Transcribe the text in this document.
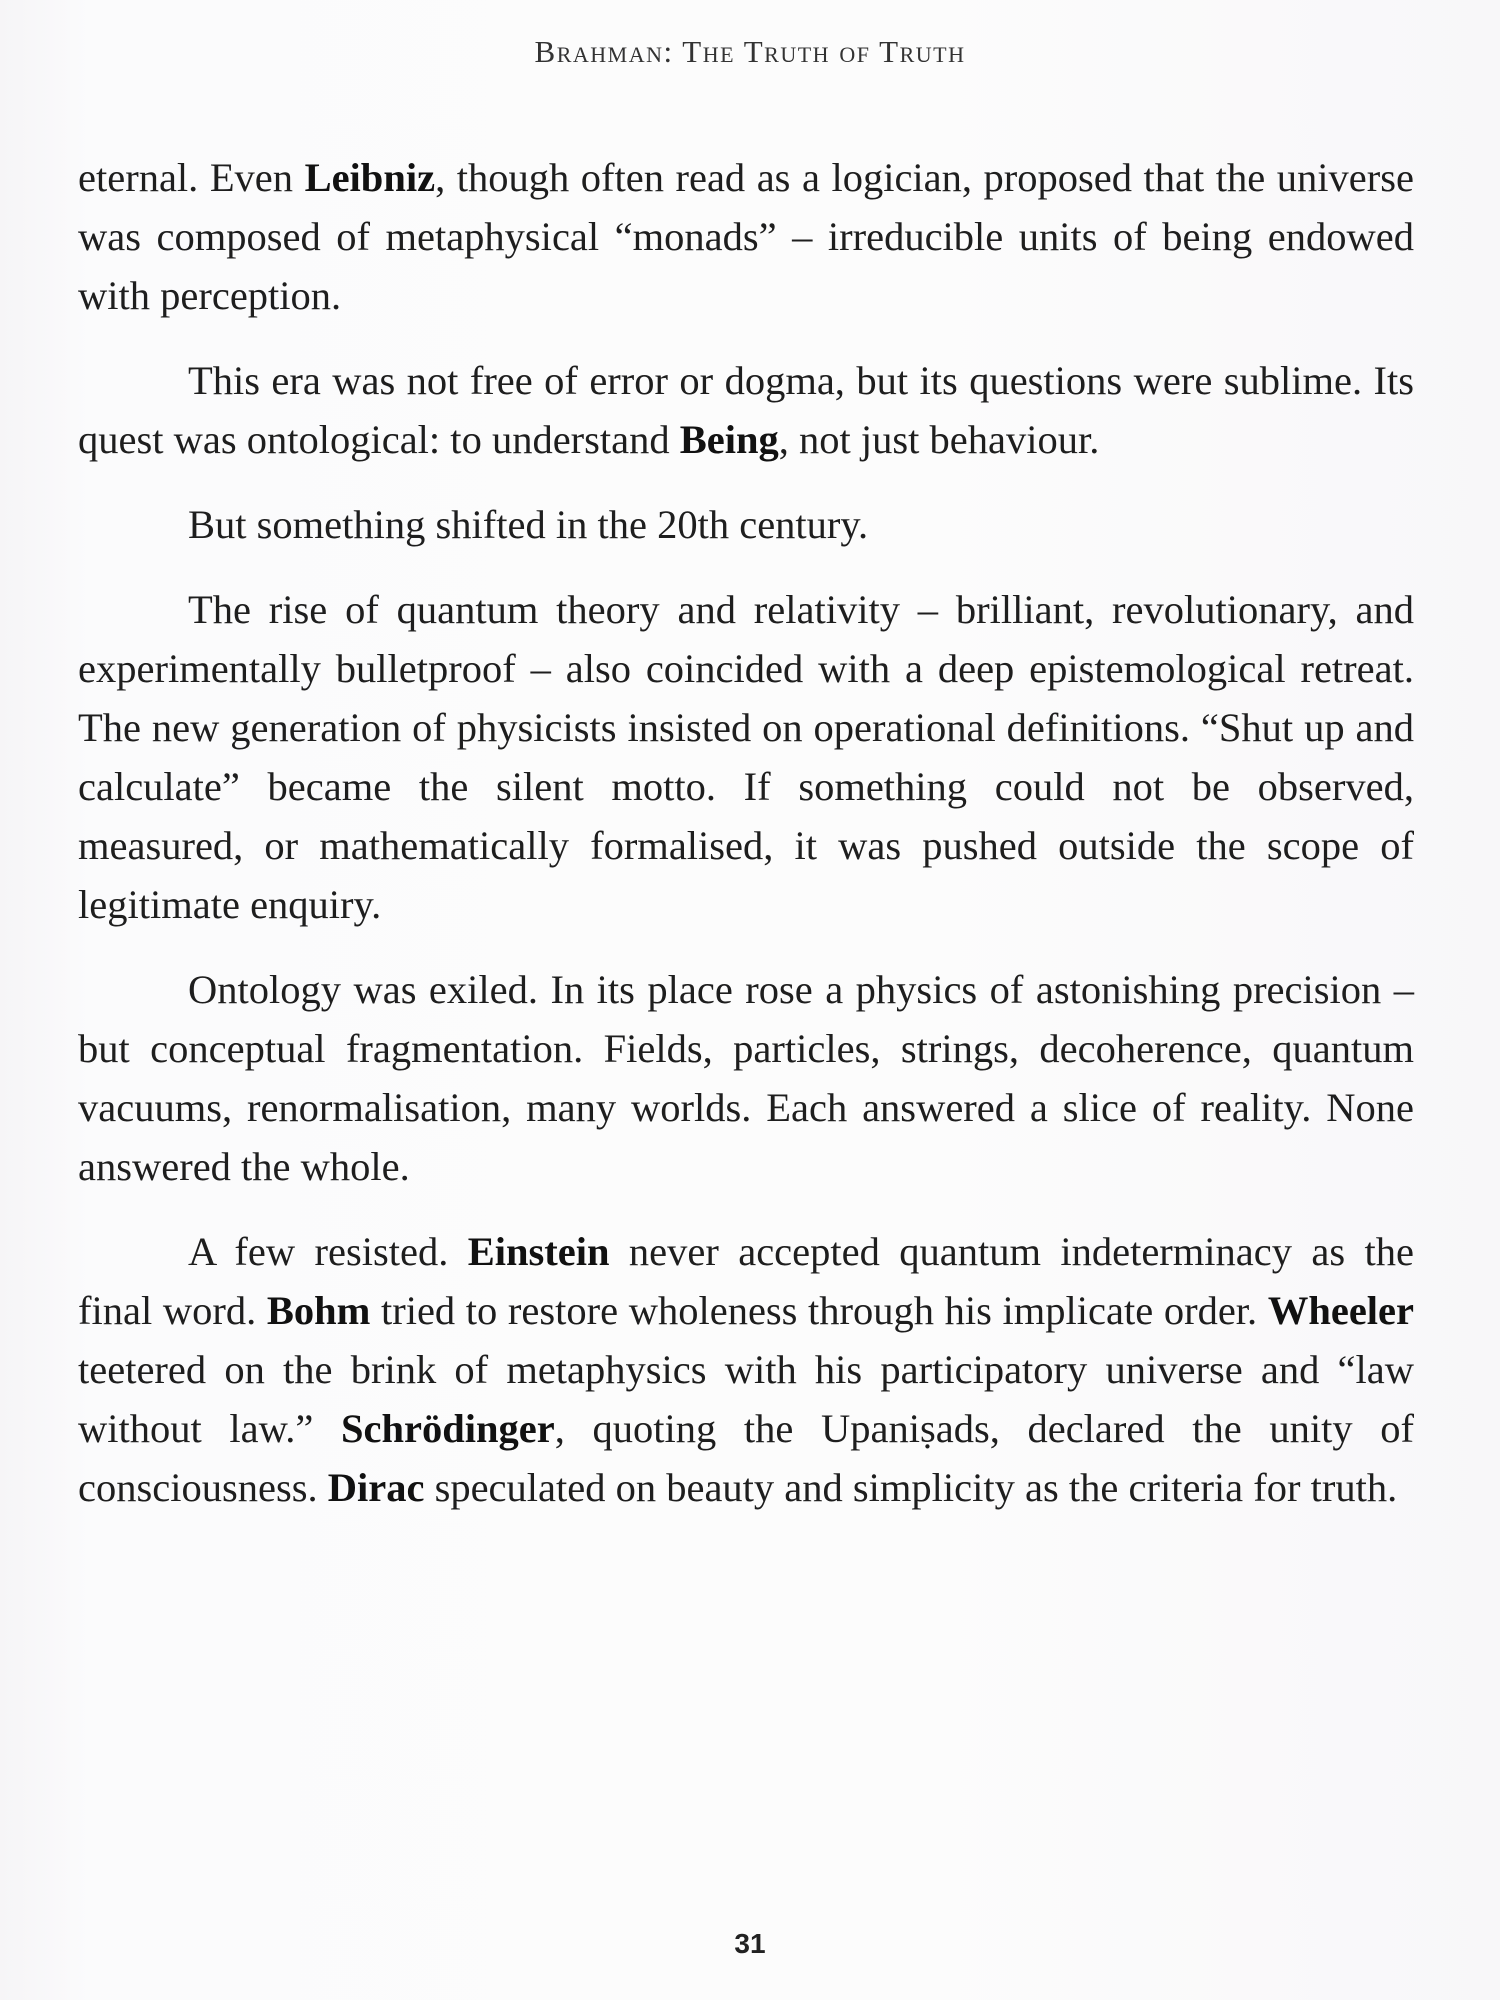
Brahman: The Truth of Truth

eternal. Even Leibniz, though often read as a logician, proposed that the universe was composed of metaphysical “monads” – irreducible units of being endowed with perception.

This era was not free of error or dogma, but its questions were sublime. Its quest was ontological: to understand Being, not just behaviour.

But something shifted in the 20th century.

The rise of quantum theory and relativity – brilliant, revolutionary, and experimentally bulletproof – also coincided with a deep epistemological retreat. The new generation of physicists insisted on operational definitions. “Shut up and calculate” became the silent motto. If something could not be observed, measured, or mathematically formalised, it was pushed outside the scope of legitimate enquiry.

Ontology was exiled. In its place rose a physics of astonishing precision – but conceptual fragmentation. Fields, particles, strings, decoherence, quantum vacuums, renormalisation, many worlds. Each answered a slice of reality. None answered the whole.

A few resisted. Einstein never accepted quantum indeterminacy as the final word. Bohm tried to restore wholeness through his implicate order. Wheeler teetered on the brink of metaphysics with his participatory universe and “law without law.” Schrödinger, quoting the Upaniṣads, declared the unity of consciousness. Dirac speculated on beauty and simplicity as the criteria for truth.

31
